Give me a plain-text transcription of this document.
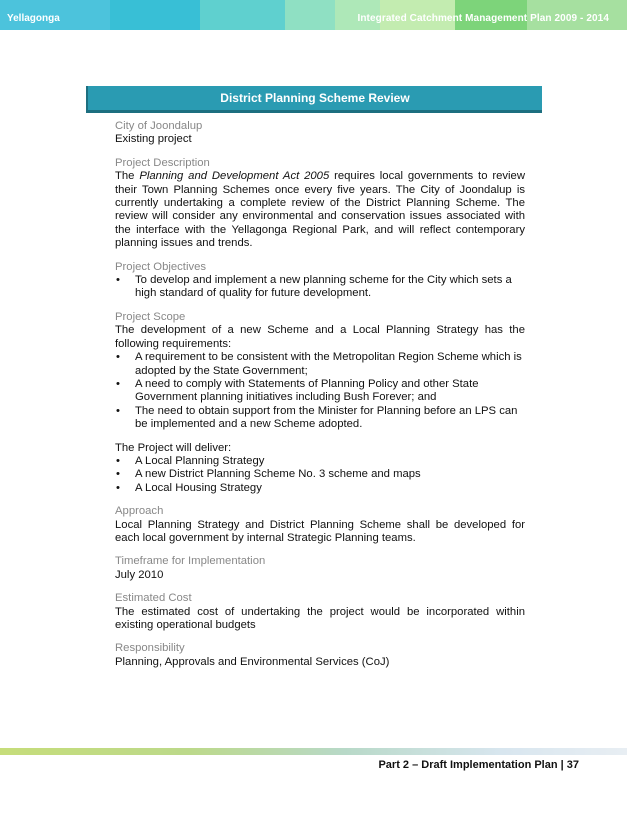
Yellagonga	Integrated Catchment Management Plan 2009 - 2014
District Planning Scheme Review
City of Joondalup
Existing project
Project Description
The Planning and Development Act 2005 requires local governments to review their Town Planning Schemes once every five years. The City of Joondalup is currently undertaking a complete review of the District Planning Scheme. The review will consider any environmental and conservation issues associated with the interface with the Yellagonga Regional Park, and will reflect contemporary planning issues and trends.
Project Objectives
• To develop and implement a new planning scheme for the City which sets a high standard of quality for future development.
Project Scope
The development of a new Scheme and a Local Planning Strategy has the following requirements:
• A requirement to be consistent with the Metropolitan Region Scheme which is adopted by the State Government;
• A need to comply with Statements of Planning Policy and other State Government planning initiatives including Bush Forever; and
• The need to obtain support from the Minister for Planning before an LPS can be implemented and a new Scheme adopted.
The Project will deliver:
• A Local Planning Strategy
• A new District Planning Scheme No. 3 scheme and maps
• A Local Housing Strategy
Approach
Local Planning Strategy and District Planning Scheme shall be developed for each local government by internal Strategic Planning teams.
Timeframe for Implementation
July 2010
Estimated Cost
The estimated cost of undertaking the project would be incorporated within existing operational budgets
Responsibility
Planning, Approvals and Environmental Services (CoJ)
Part 2 – Draft Implementation Plan | 37
